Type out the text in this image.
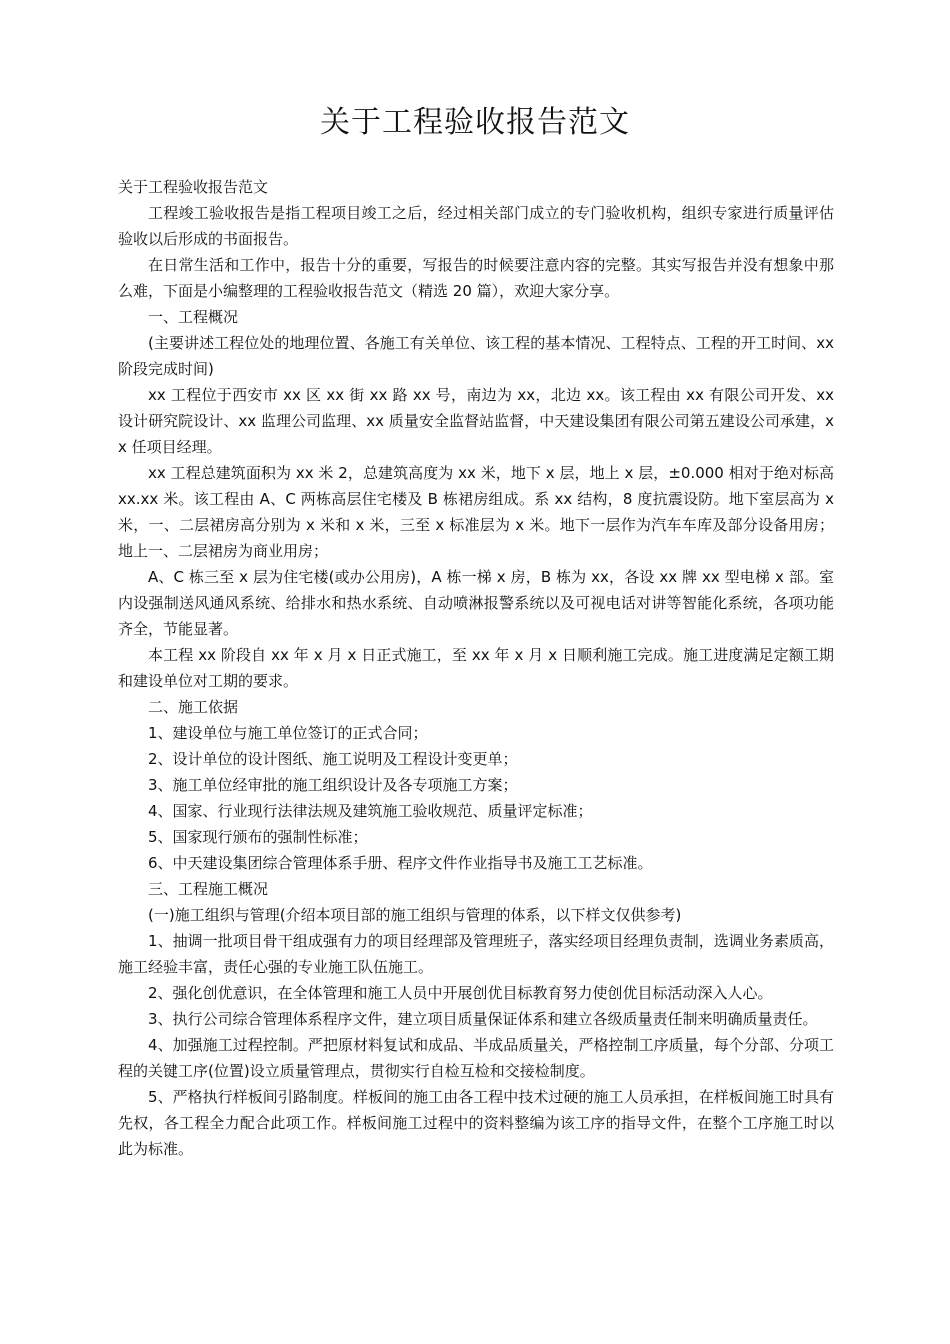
关于工程验收报告范文

关于工程验收报告范文

工程竣工验收报告是指工程项目竣工之后，经过相关部门成立的专门验收机构，组织专家进行质量评估验收以后形成的书面报告。

在日常生活和工作中，报告十分的重要，写报告的时候要注意内容的完整。其实写报告并没有想象中那么难，下面是小编整理的工程验收报告范文（精选 20 篇），欢迎大家分享。

一、工程概况

(主要讲述工程位处的地理位置、各施工有关单位、该工程的基本情况、工程特点、工程的开工时间、xx 阶段完成时间)

xx 工程位于西安市 xx 区 xx 街 xx 路 xx 号，南边为 xx，北边 xx。该工程由 xx 有限公司开发、xx 设计研究院设计、xx 监理公司监理、xx 质量安全监督站监督，中天建设集团有限公司第五建设公司承建，xx 任项目经理。

xx 工程总建筑面积为 xx 米 2，总建筑高度为 xx 米，地下 x 层，地上 x 层，±0.000 相对于绝对标高 xx.xx 米。该工程由 A、C 两栋高层住宅楼及 B 栋裙房组成。系 xx 结构，8 度抗震设防。地下室层高为 x 米，一、二层裙房高分别为 x 米和 x 米，三至 x 标准层为 x 米。地下一层作为汽车车库及部分设备用房；地上一、二层裙房为商业用房；

A、C 栋三至 x 层为住宅楼(或办公用房)，A 栋一梯 x 房，B 栋为 xx，各设 xx 牌 xx 型电梯 x 部。室内设强制送风通风系统、给排水和热水系统、自动喷淋报警系统以及可视电话对讲等智能化系统，各项功能齐全，节能显著。

本工程 xx 阶段自 xx 年 x 月 x 日正式施工，至 xx 年 x 月 x 日顺利施工完成。施工进度满足定额工期和建设单位对工期的要求。

二、施工依据

1、建设单位与施工单位签订的正式合同；

2、设计单位的设计图纸、施工说明及工程设计变更单；

3、施工单位经审批的施工组织设计及各专项施工方案；

4、国家、行业现行法律法规及建筑施工验收规范、质量评定标准；

5、国家现行颁布的强制性标准；

6、中天建设集团综合管理体系手册、程序文件作业指导书及施工工艺标准。

三、工程施工概况

(一)施工组织与管理(介绍本项目部的施工组织与管理的体系，以下样文仅供参考)

1、抽调一批项目骨干组成强有力的项目经理部及管理班子，落实经项目经理负责制，选调业务素质高，施工经验丰富，责任心强的专业施工队伍施工。

2、强化创优意识，在全体管理和施工人员中开展创优目标教育努力使创优目标活动深入人心。

3、执行公司综合管理体系程序文件，建立项目质量保证体系和建立各级质量责任制来明确质量责任。

4、加强施工过程控制。严把原材料复试和成品、半成品质量关，严格控制工序质量，每个分部、分项工程的关键工序(位置)设立质量管理点，贯彻实行自检互检和交接检制度。

5、严格执行样板间引路制度。样板间的施工由各工程中技术过硬的施工人员承担，在样板间施工时具有先权，各工程全力配合此项工作。样板间施工过程中的资料整编为该工序的指导文件，在整个工序施工时以此为标准。
